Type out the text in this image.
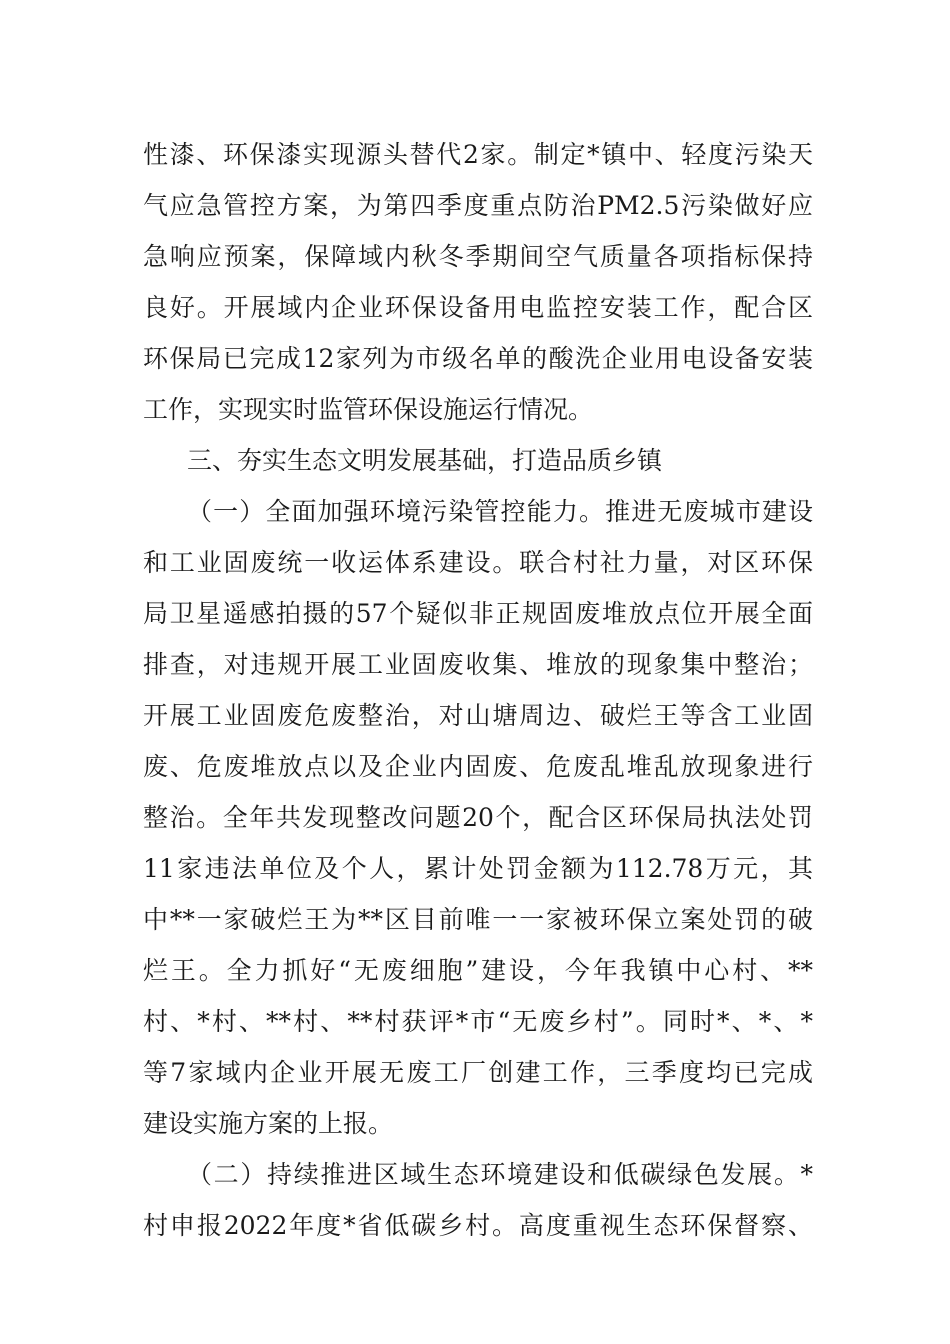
性漆、环保漆实现源头替代2家。制定*镇中、轻度污染天

气应急管控方案，为第四季度重点防治PM2.5污染做好应

急响应预案，保障域内秋冬季期间空气质量各项指标保持

良好。开展域内企业环保设备用电监控安装工作，配合区

环保局已完成12家列为市级名单的酸洗企业用电设备安装

工作，实现实时监管环保设施运行情况。

三、夯实生态文明发展基础，打造品质乡镇

（一）全面加强环境污染管控能力。推进无废城市建设

和工业固废统一收运体系建设。联合村社力量，对区环保

局卫星遥感拍摄的57个疑似非正规固废堆放点位开展全面

排查，对违规开展工业固废收集、堆放的现象集中整治；

开展工业固废危废整治，对山塘周边、破烂王等含工业固

废、危废堆放点以及企业内固废、危废乱堆乱放现象进行

整治。全年共发现整改问题20个，配合区环保局执法处罚

11家违法单位及个人，累计处罚金额为112.78万元，其

中**一家破烂王为**区目前唯一一家被环保立案处罚的破

烂王。全力抓好“无废细胞”建设，今年我镇中心村、**

村、*村、**村、**村获评*市“无废乡村”。同时*、*、*

等7家域内企业开展无废工厂创建工作，三季度均已完成

建设实施方案的上报。

（二）持续推进区域生态环境建设和低碳绿色发展。*

村申报2022年度*省低碳乡村。高度重视生态环保督察、
